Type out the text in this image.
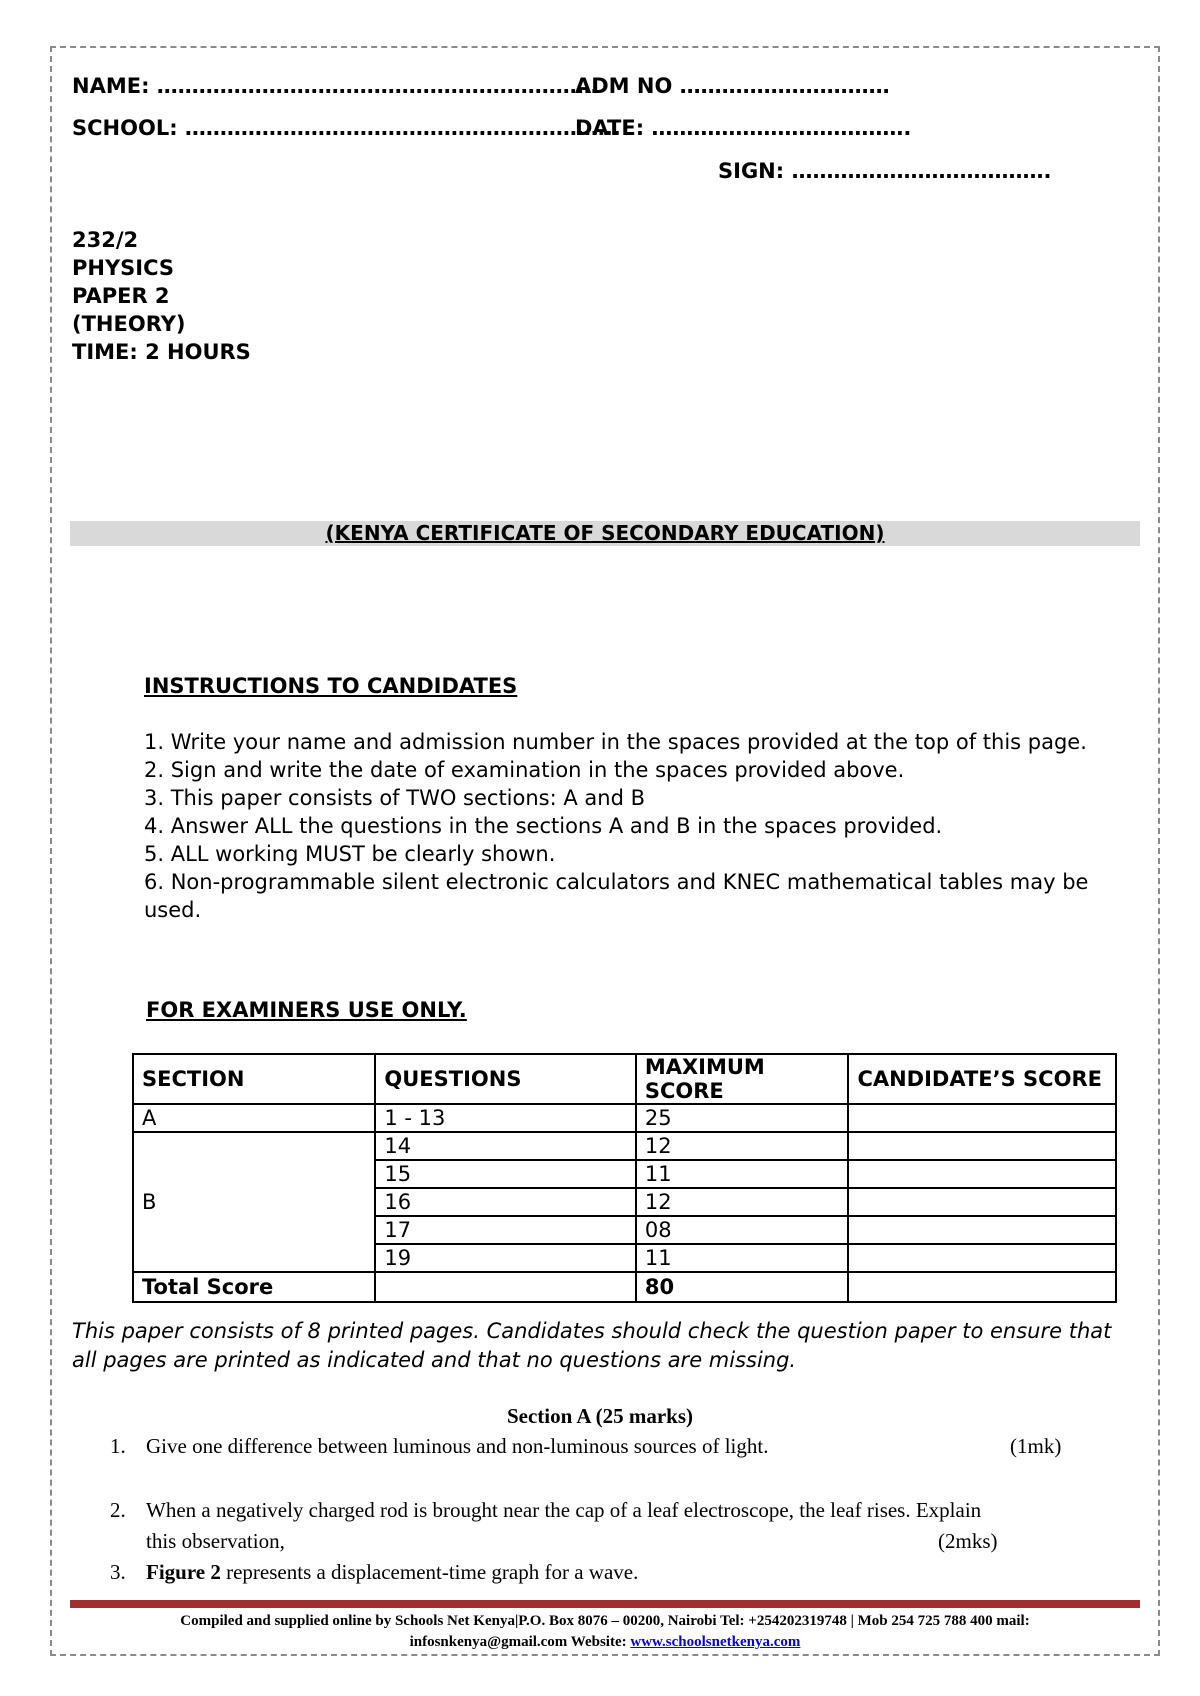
NAME: ………………………………………………………
ADM NO …………………………
SCHOOL: ……………………………………………………..
DATE: ……………………………….
SIGN: ……………………………….
232/2
PHYSICS
PAPER 2
(THEORY)
TIME: 2 HOURS
(KENYA CERTIFICATE OF SECONDARY EDUCATION)
INSTRUCTIONS TO CANDIDATES
1. Write your name and admission number in the spaces provided at the top of this page.
2. Sign and write the date of examination in the spaces provided above.
3. This paper consists of TWO sections: A and B
4. Answer ALL the questions in the sections A and B in the spaces provided.
5. ALL working MUST be clearly shown.
6. Non-programmable silent electronic calculators and KNEC mathematical tables may be used.
FOR EXAMINERS USE ONLY.
SECTION	QUESTIONS	MAXIMUM SCORE	CANDIDATE’S SCORE
A	1 - 13	25	
B	14	12	
	15	11	
	16	12	
	17	08	
	19	11	
Total Score		80	
This paper consists of 8 printed pages. Candidates should check the question paper to ensure that all pages are printed as indicated and that no questions are missing.
Section A (25 marks)
1. Give one difference between luminous and non-luminous sources of light.	(1mk)
2. When a negatively charged rod is brought near the cap of a leaf electroscope, the leaf rises. Explain
this observation,	(2mks)
3. Figure 2 represents a displacement-time graph for a wave.
Compiled and supplied online by Schools Net Kenya|P.O. Box 8076 – 00200, Nairobi Tel: +254202319748 | Mob 254 725 788 400 mail:
infosnkenya@gmail.com Website: www.schoolsnetkenya.com
